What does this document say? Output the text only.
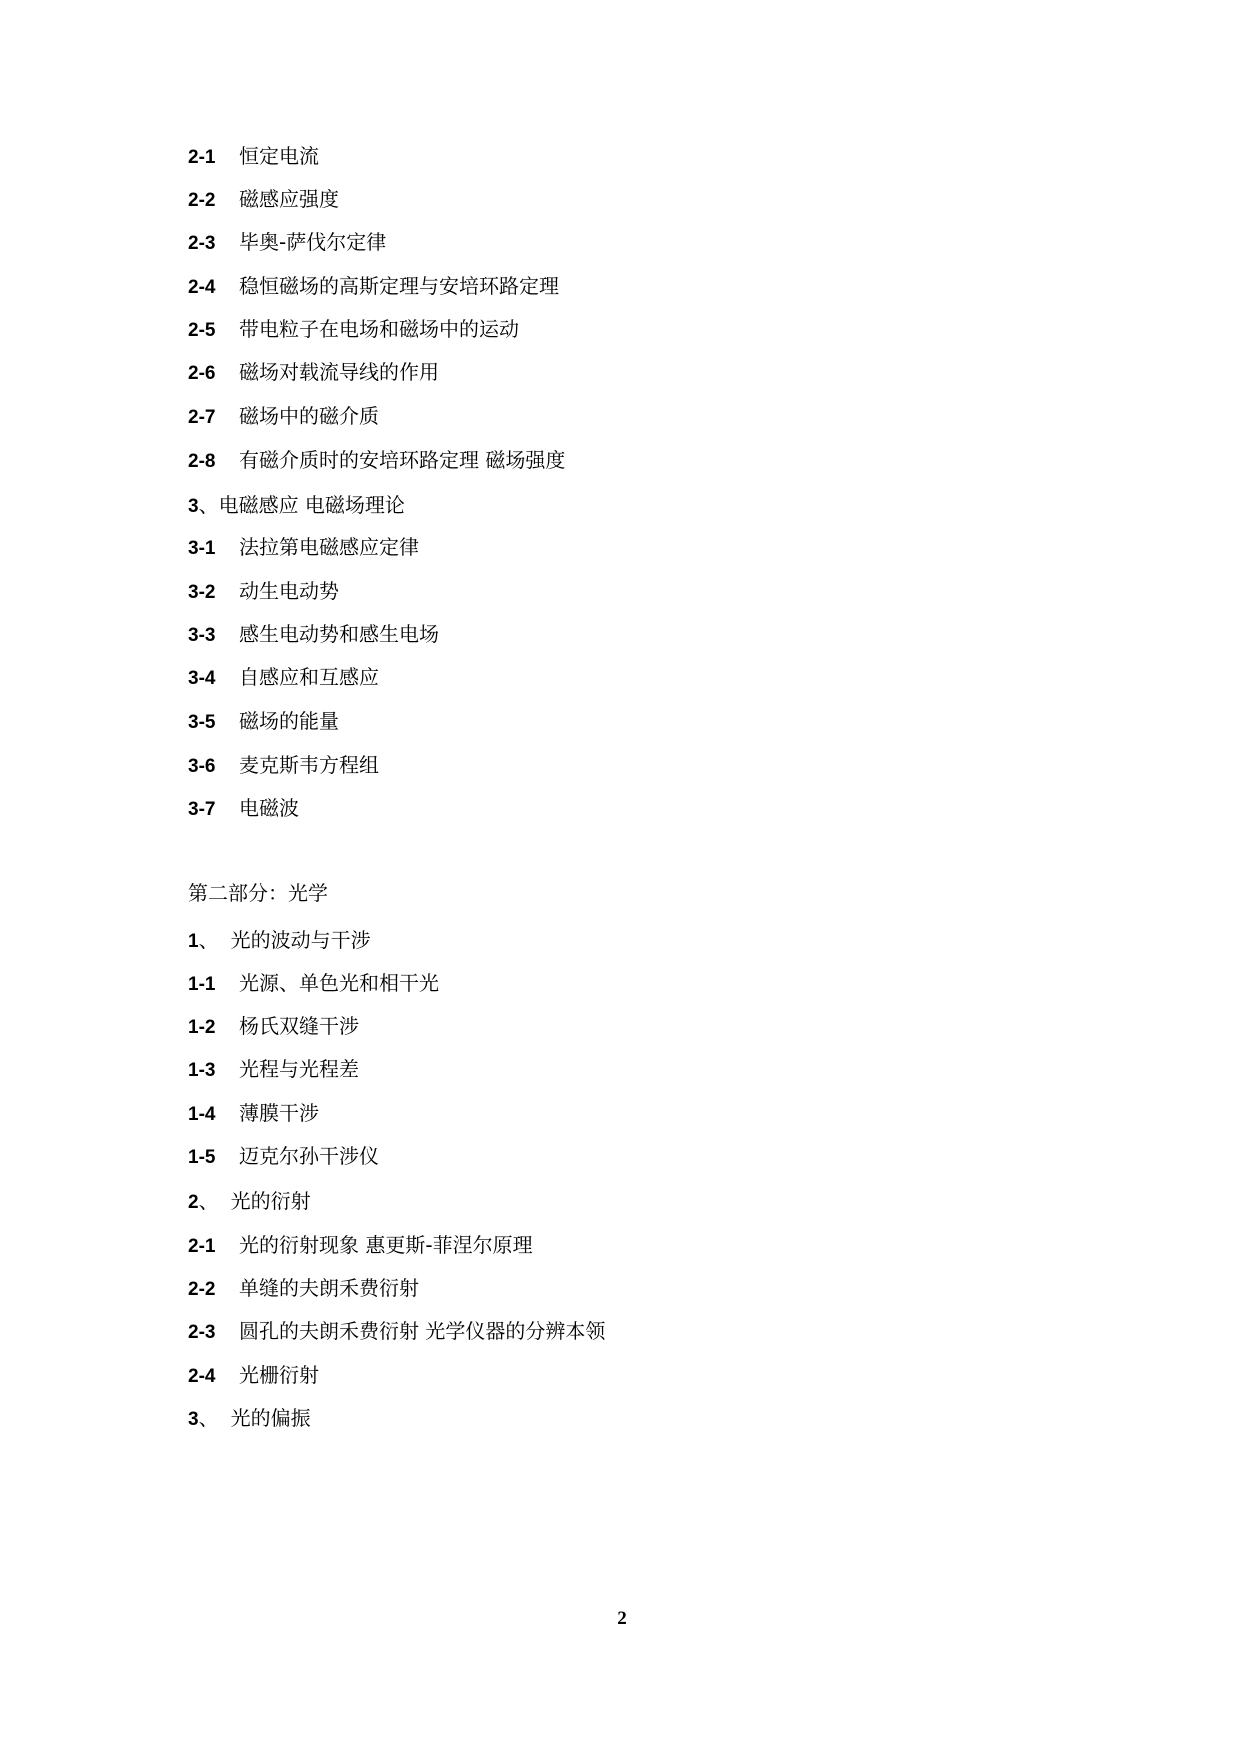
2-1 恒定电流
2-2 磁感应强度
2-3 毕奥-萨伐尔定律
2-4 稳恒磁场的高斯定理与安培环路定理
2-5 带电粒子在电场和磁场中的运动
2-6 磁场对载流导线的作用
2-7 磁场中的磁介质
2-8 有磁介质时的安培环路定理 磁场强度
3、电磁感应 电磁场理论
3-1 法拉第电磁感应定律
3-2 动生电动势
3-3 感生电动势和感生电场
3-4 自感应和互感应
3-5 磁场的能量
3-6 麦克斯韦方程组
3-7 电磁波
第二部分：光学
1、 光的波动与干涉
1-1 光源、单色光和相干光
1-2 杨氏双缝干涉
1-3 光程与光程差
1-4 薄膜干涉
1-5 迈克尔孙干涉仪
2、 光的衍射
2-1 光的衍射现象 惠更斯-菲涅尔原理
2-2 单缝的夫朗禾费衍射
2-3 圆孔的夫朗禾费衍射 光学仪器的分辨本领
2-4 光栅衍射
3、 光的偏振
2
